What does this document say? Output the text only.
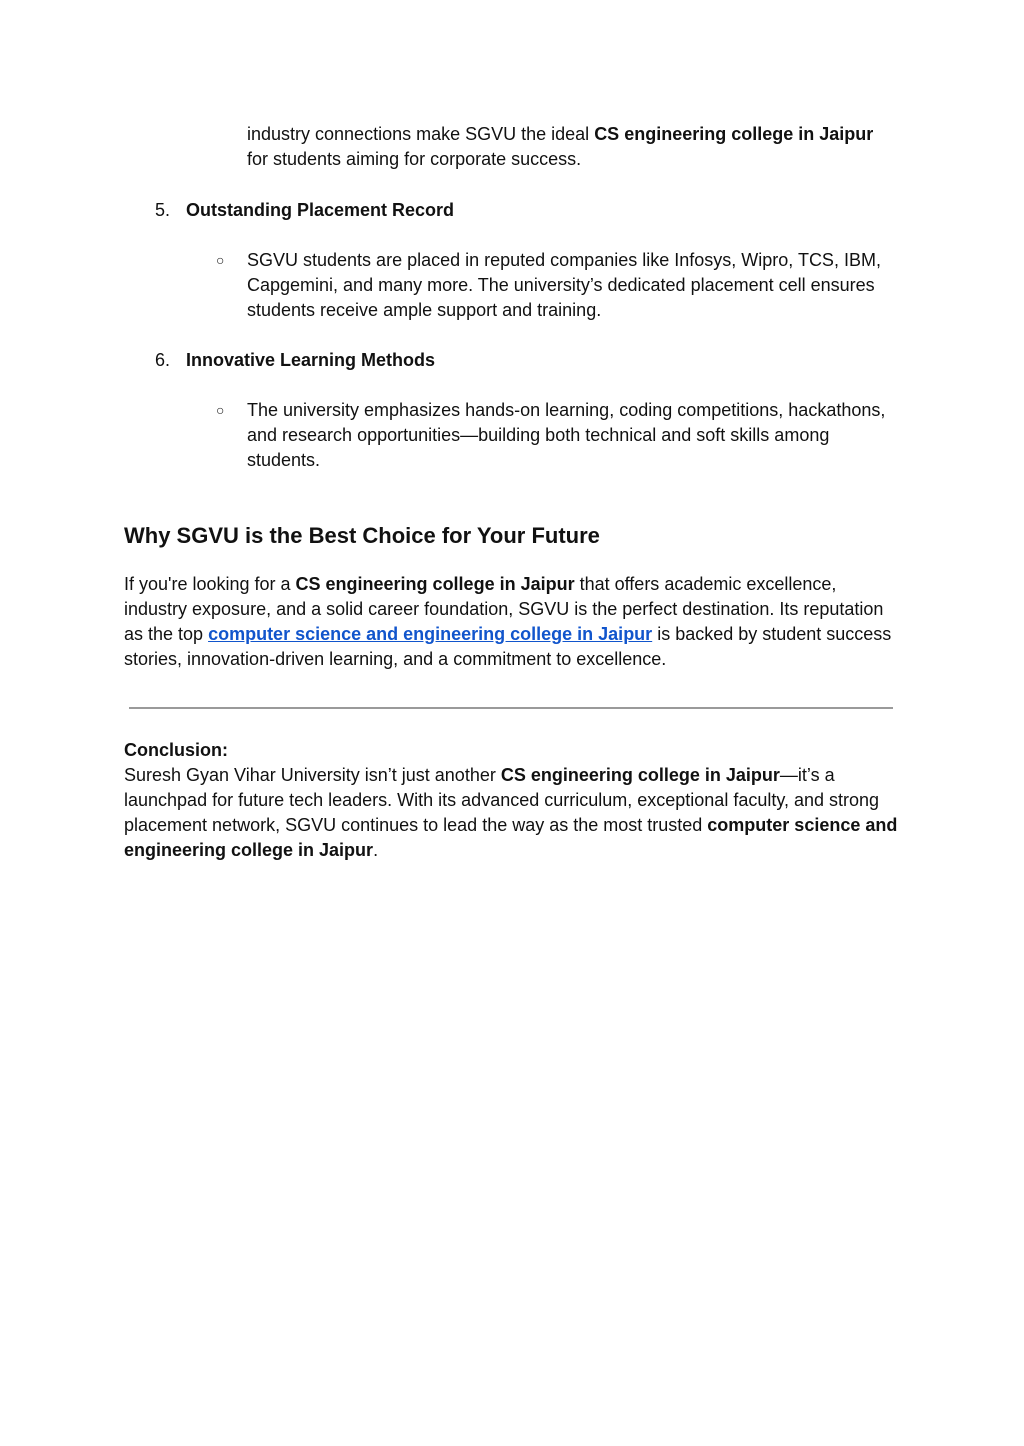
industry connections make SGVU the ideal CS engineering college in Jaipur for students aiming for corporate success.
5. Outstanding Placement Record
○ SGVU students are placed in reputed companies like Infosys, Wipro, TCS, IBM, Capgemini, and many more. The university’s dedicated placement cell ensures students receive ample support and training.
6. Innovative Learning Methods
○ The university emphasizes hands-on learning, coding competitions, hackathons, and research opportunities—building both technical and soft skills among students.
Why SGVU is the Best Choice for Your Future
If you're looking for a CS engineering college in Jaipur that offers academic excellence, industry exposure, and a solid career foundation, SGVU is the perfect destination. Its reputation as the top computer science and engineering college in Jaipur is backed by student success stories, innovation-driven learning, and a commitment to excellence.
Conclusion:
Suresh Gyan Vihar University isn’t just another CS engineering college in Jaipur—it’s a launchpad for future tech leaders. With its advanced curriculum, exceptional faculty, and strong placement network, SGVU continues to lead the way as the most trusted computer science and engineering college in Jaipur.
